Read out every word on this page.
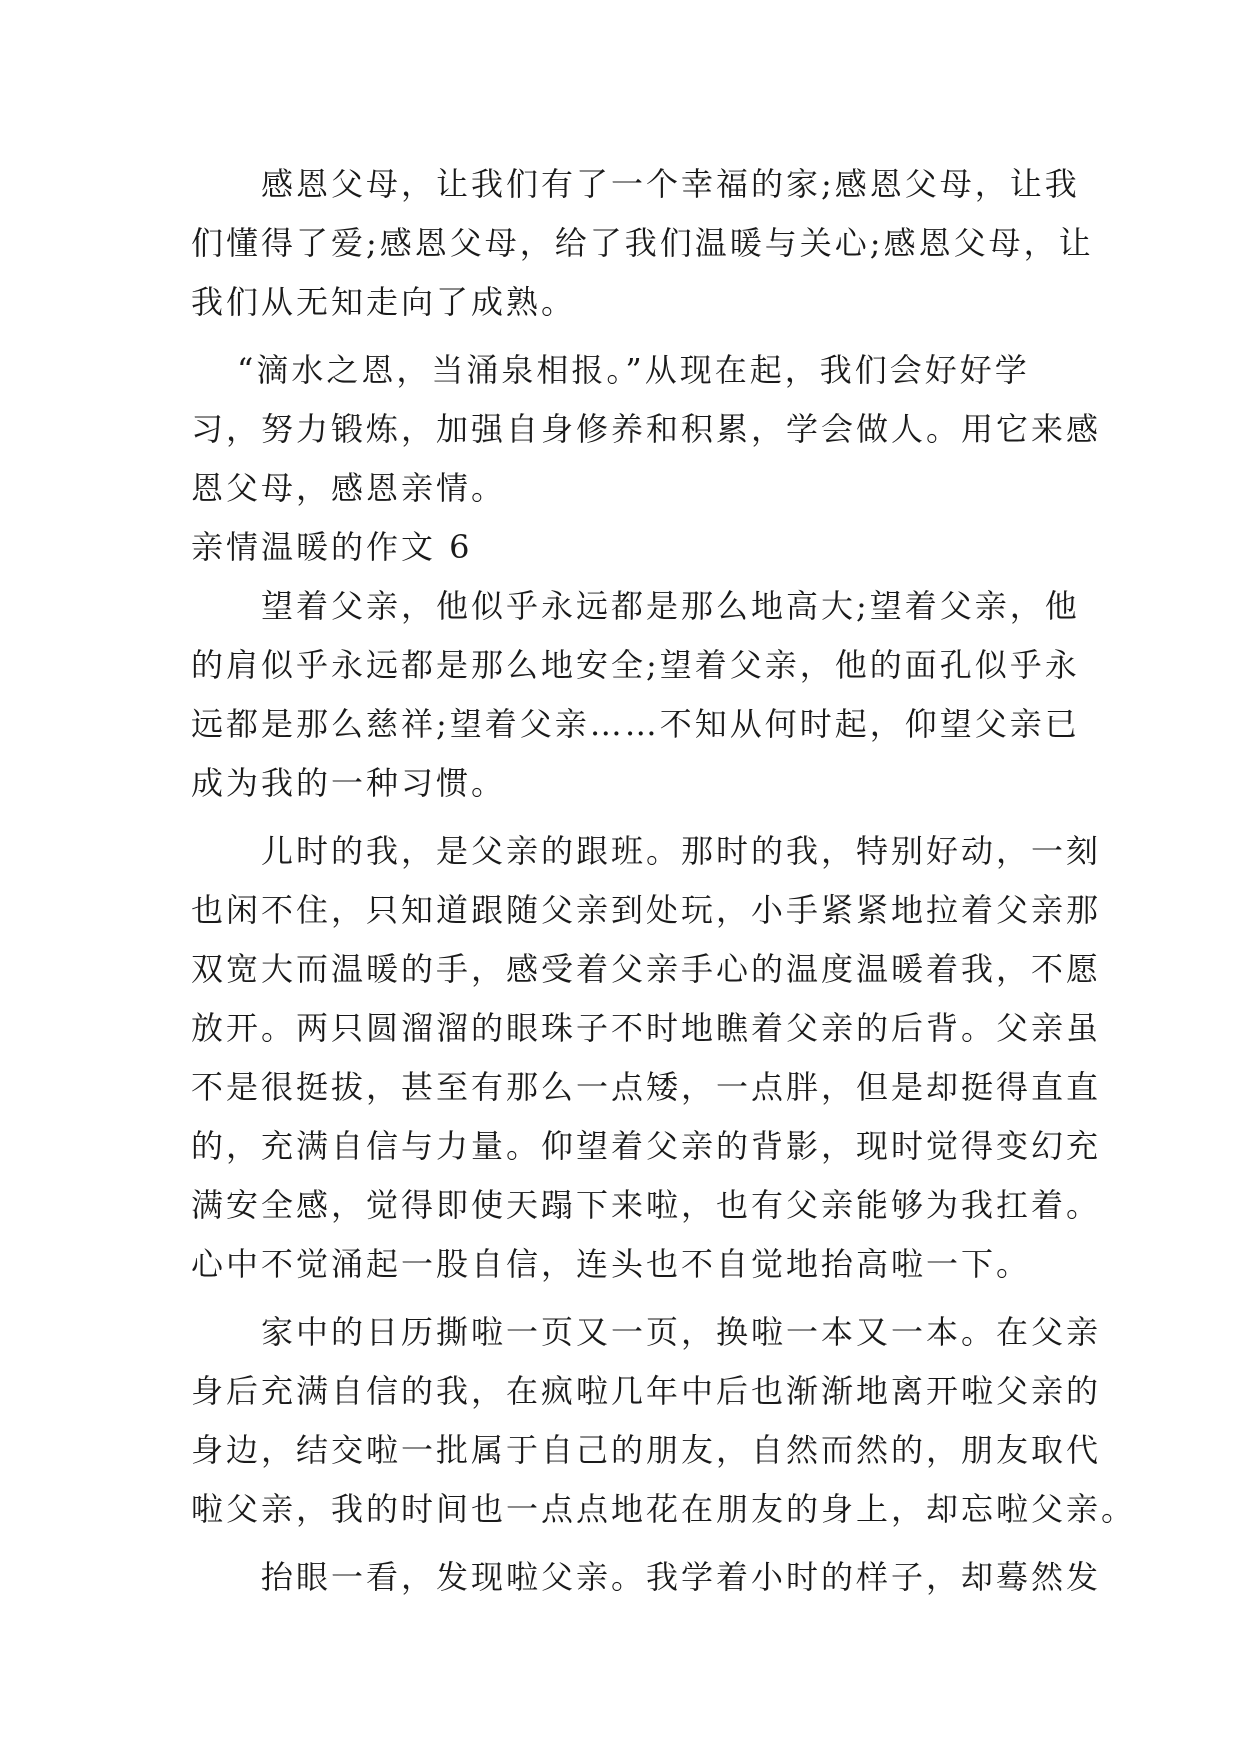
感恩父母，让我们有了一个幸福的家;感恩父母，让我
们懂得了爱;感恩父母，给了我们温暖与关心;感恩父母，让
我们从无知走向了成熟。
“滴水之恩，当涌泉相报。”从现在起，我们会好好学
习，努力锻炼，加强自身修养和积累，学会做人。用它来感
恩父母，感恩亲情。
亲情温暖的作文 6
望着父亲，他似乎永远都是那么地高大;望着父亲，他
的肩似乎永远都是那么地安全;望着父亲，他的面孔似乎永
远都是那么慈祥;望着父亲……不知从何时起，仰望父亲已
成为我的一种习惯。
儿时的我，是父亲的跟班。那时的我，特别好动，一刻
也闲不住，只知道跟随父亲到处玩，小手紧紧地拉着父亲那
双宽大而温暖的手，感受着父亲手心的温度温暖着我，不愿
放开。两只圆溜溜的眼珠子不时地瞧着父亲的后背。父亲虽
不是很挺拔，甚至有那么一点矮，一点胖，但是却挺得直直
的，充满自信与力量。仰望着父亲的背影，现时觉得变幻充
满安全感，觉得即使天蹋下来啦，也有父亲能够为我扛着。
心中不觉涌起一股自信，连头也不自觉地抬高啦一下。
家中的日历撕啦一页又一页，换啦一本又一本。在父亲
身后充满自信的我，在疯啦几年中后也渐渐地离开啦父亲的
身边，结交啦一批属于自己的朋友，自然而然的，朋友取代
啦父亲，我的时间也一点点地花在朋友的身上，却忘啦父亲。
抬眼一看，发现啦父亲。我学着小时的样子，却蓦然发
